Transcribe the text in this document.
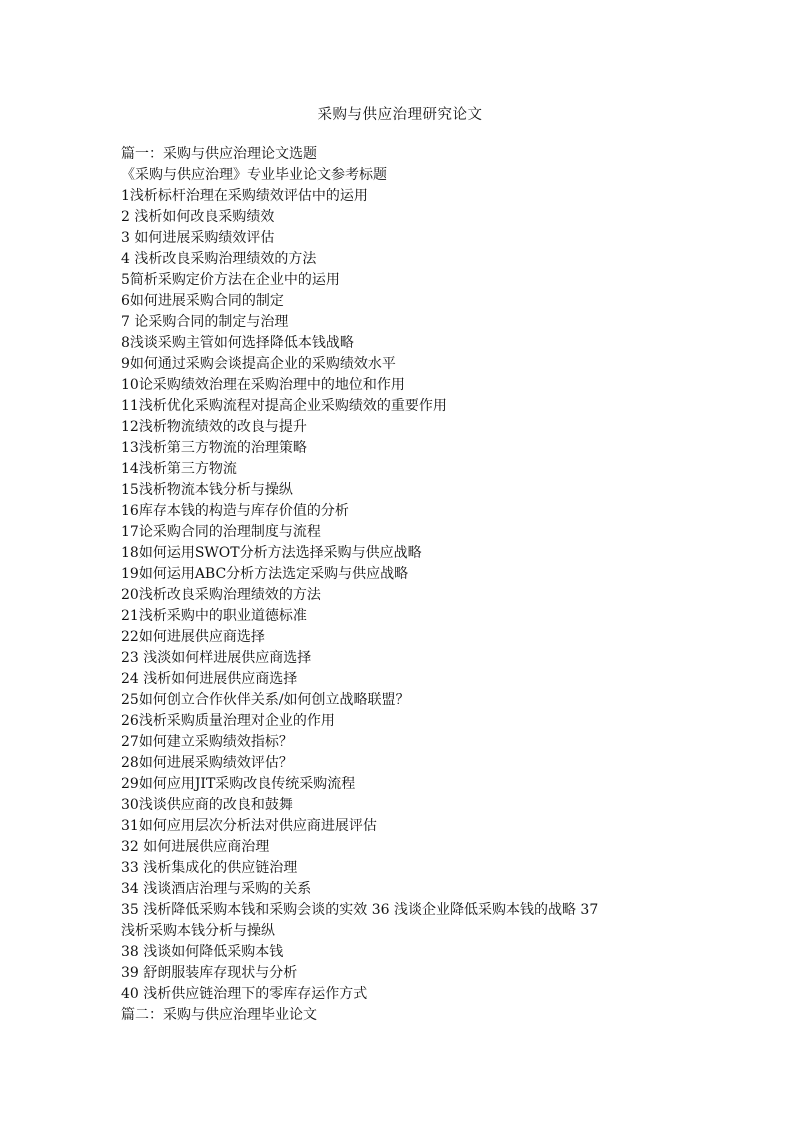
采购与供应治理研究论文
篇一：采购与供应治理论文选题
《采购与供应治理》专业毕业论文参考标题
1浅析标杆治理在采购绩效评估中的运用
2 浅析如何改良采购绩效
3 如何进展采购绩效评估
4 浅析改良采购治理绩效的方法
5简析采购定价方法在企业中的运用
6如何进展采购合同的制定
7 论采购合同的制定与治理
8浅谈采购主管如何选择降低本钱战略
9如何通过采购会谈提高企业的采购绩效水平
10论采购绩效治理在采购治理中的地位和作用
11浅析优化采购流程对提高企业采购绩效的重要作用
12浅析物流绩效的改良与提升
13浅析第三方物流的治理策略
14浅析第三方物流
15浅析物流本钱分析与操纵
16库存本钱的构造与库存价值的分析
17论采购合同的治理制度与流程
18如何运用SWOT分析方法选择采购与供应战略
19如何运用ABC分析方法选定采购与供应战略
20浅析改良采购治理绩效的方法
21浅析采购中的职业道德标准
22如何进展供应商选择
23 浅淡如何样进展供应商选择
24 浅析如何进展供应商选择
25如何创立合作伙伴关系/如何创立战略联盟？
26浅析采购质量治理对企业的作用
27如何建立采购绩效指标？
28如何进展采购绩效评估？
29如何应用JIT采购改良传统采购流程
30浅谈供应商的改良和鼓舞
31如何应用层次分析法对供应商进展评估
32 如何进展供应商治理
33 浅析集成化的供应链治理
34 浅谈酒店治理与采购的关系
35 浅析降低采购本钱和采购会谈的实效 36 浅谈企业降低采购本钱的战略 37
浅析采购本钱分析与操纵
38 浅谈如何降低采购本钱
39 舒朗服装库存现状与分析
40 浅析供应链治理下的零库存运作方式
篇二：采购与供应治理毕业论文
